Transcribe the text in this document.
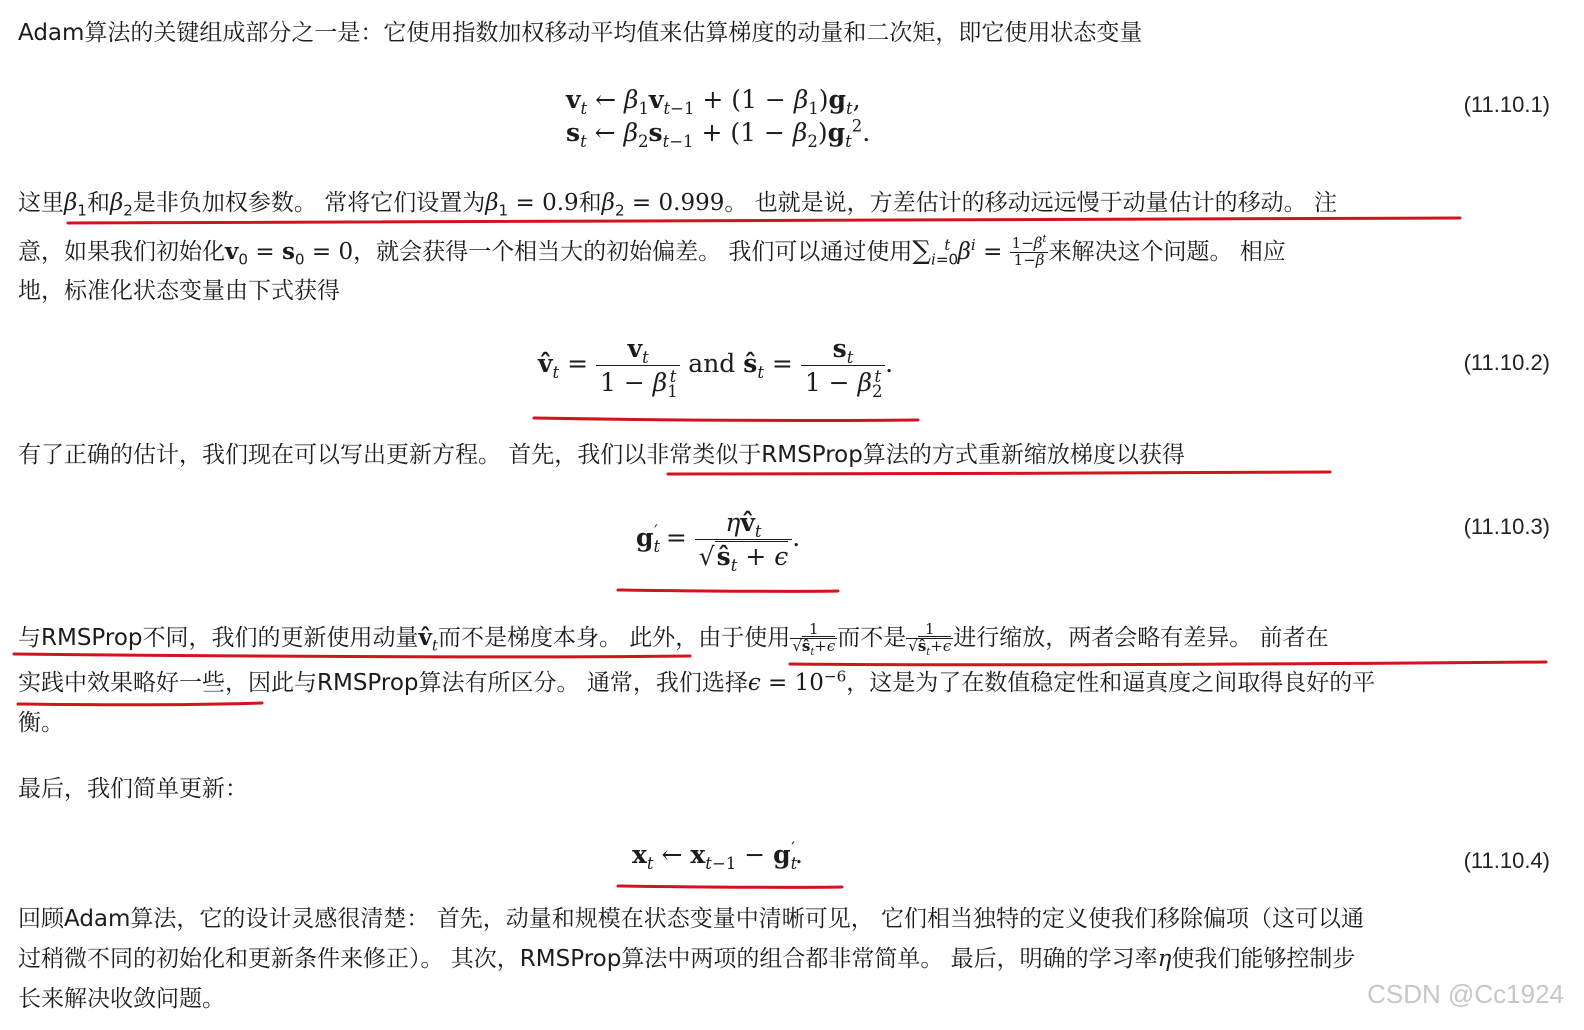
Adam算法的关键组成部分之一是：它使用指数加权移动平均值来估算梯度的动量和二次矩，即它使用状态变量
$v_t$ ← $\beta_1v_{t-1} + (1 - \beta_1)g_t$,
$s_t$ ← $\beta_2s_{t-1} + (1 - \beta_2)g_t^2$.
(11.10.1)
这里$\beta_1$和$\beta_2$是非负加权参数。 常将它们设置为$\beta_1 = 0.9$和$\beta_2 = 0.999$。 也就是说，方差估计的移动远远慢于动量估计的移动。 注
意，如果我们初始化$v_0 = s_0 = 0$，就会获得一个相当大的初始偏差。 我们可以通过使用$\sum_{i=0}^t$ $\beta^i = \frac{1-\beta^t}{1-\beta}$ 来解决这个问题。 相应
地，标准化状态变量由下式获得
$v̂_t = \frac{v_t}{1 - \beta_1^t}$ and $ŝ_t = \frac{s_t}{1 - \beta_2^t}$ .	(11.10.2)
有了正确的估计，我们现在可以写出更新方程。 首先，我们以非常类似于RMSProp算法的方式重新缩放梯度以获得
$g_t' = \frac{\eta v̂_t}{√ŝ_t + \epsilon}$ .	(11.10.3)
与RMSProp不同，我们的更新使用动量$v̂_t$而不是梯度本身。 此外，由于使用 $\frac{1}{√ŝ_t+\epsilon}$ 而不是 $\frac{1}{√ŝ_t+\epsilon}$ 进行缩放，两者会略有差异。 前者在
实践中效果略好一些，因此与RMSProp算法有所区分。 通常，我们选择$\epsilon = 10^{-6}$，这是为了在数值稳定性和逼真度之间取得良好的平
衡。
最后，我们简单更新：
$x_t$ ← $x_{t-1} - g_t'$.	(11.10.4)
回顾Adam算法，它的设计灵感很清楚： 首先，动量和规模在状态变量中清晰可见， 它们相当独特的定义使我们移除偏项（这可以通
过稍微不同的初始化和更新条件来修正）。 其次，RMSProp算法中两项的组合都非常简单。 最后，明确的学习率η使我们能够控制步
长来解决收敛问题。	CSDN @Cc1924
